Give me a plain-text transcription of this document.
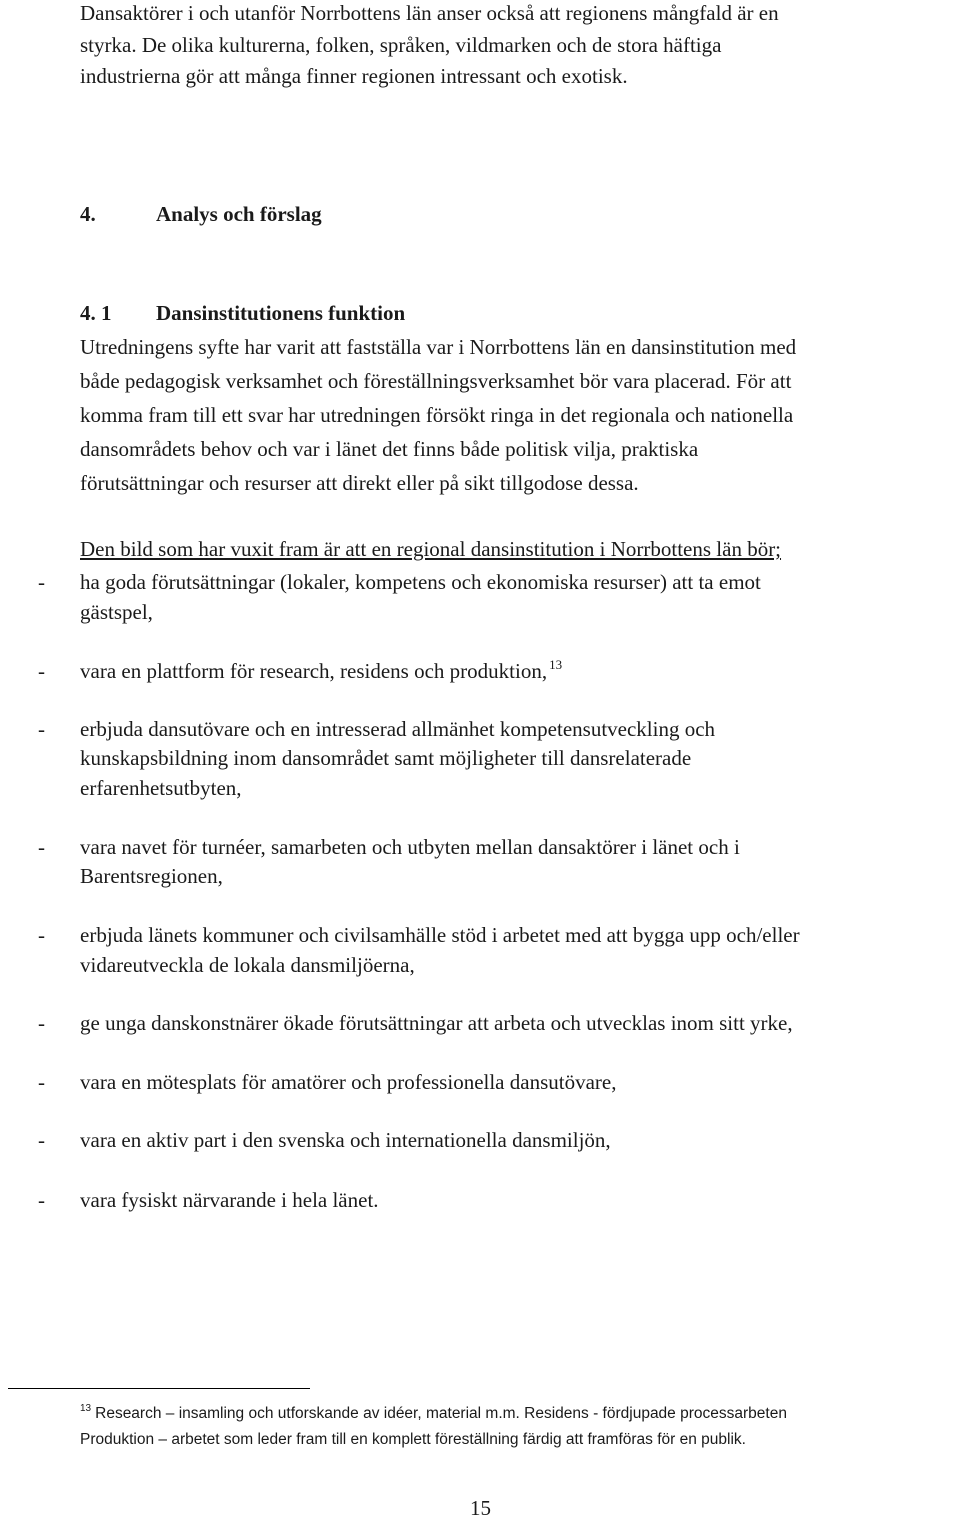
Dansaktörer i och utanför Norrbottens län anser också att regionens mångfald är en
styrka. De olika kulturerna, folken, språken, vildmarken och de stora häftiga
industrierna gör att många finner regionen intressant och exotisk.
4.	Analys och förslag
4. 1 Dansinstitutionens funktion
Utredningens syfte har varit att fastställa var i Norrbottens län en dansinstitution med
både pedagogisk verksamhet och föreställningsverksamhet bör vara placerad. För att
komma fram till ett svar har utredningen försökt ringa in det regionala och nationella
dansområdets behov och var i länet det finns både politisk vilja, praktiska
förutsättningar och resurser att direkt eller på sikt tillgodose dessa.
Den bild som har vuxit fram är att en regional dansinstitution i Norrbottens län bör;
- ha goda förutsättningar (lokaler, kompetens och ekonomiska resurser) att ta emot
gästspel,
- vara en plattform för research, residens och produktion, $^{13}$
- erbjuda dansutövare och en intresserad allmänhet kompetensutveckling och
kunskapsbildning inom dansområdet samt möjligheter till dansrelaterade
erfarenhetsutbyten,
- vara navet för turnéer, samarbeten och utbyten mellan dansaktörer i länet och i
Barentsregionen,
- erbjuda länets kommuner och civilsamhälle stöd i arbetet med att bygga upp och/eller
vidareutveckla de lokala dansmiljöerna,
- ge unga danskonstnärer ökade förutsättningar att arbeta och utvecklas inom sitt yrke,
- vara en mötesplats för amatörer och professionella dansutövare,
- vara en aktiv part i den svenska och internationella dansmiljön,
- vara fysiskt närvarande i hela länet.
$^{13}$ Research – insamling och utforskande av idéer, material m.m. Residens - fördjupade processarbeten
Produktion – arbetet som leder fram till en komplett föreställning färdig att framföras för en publik.
15
